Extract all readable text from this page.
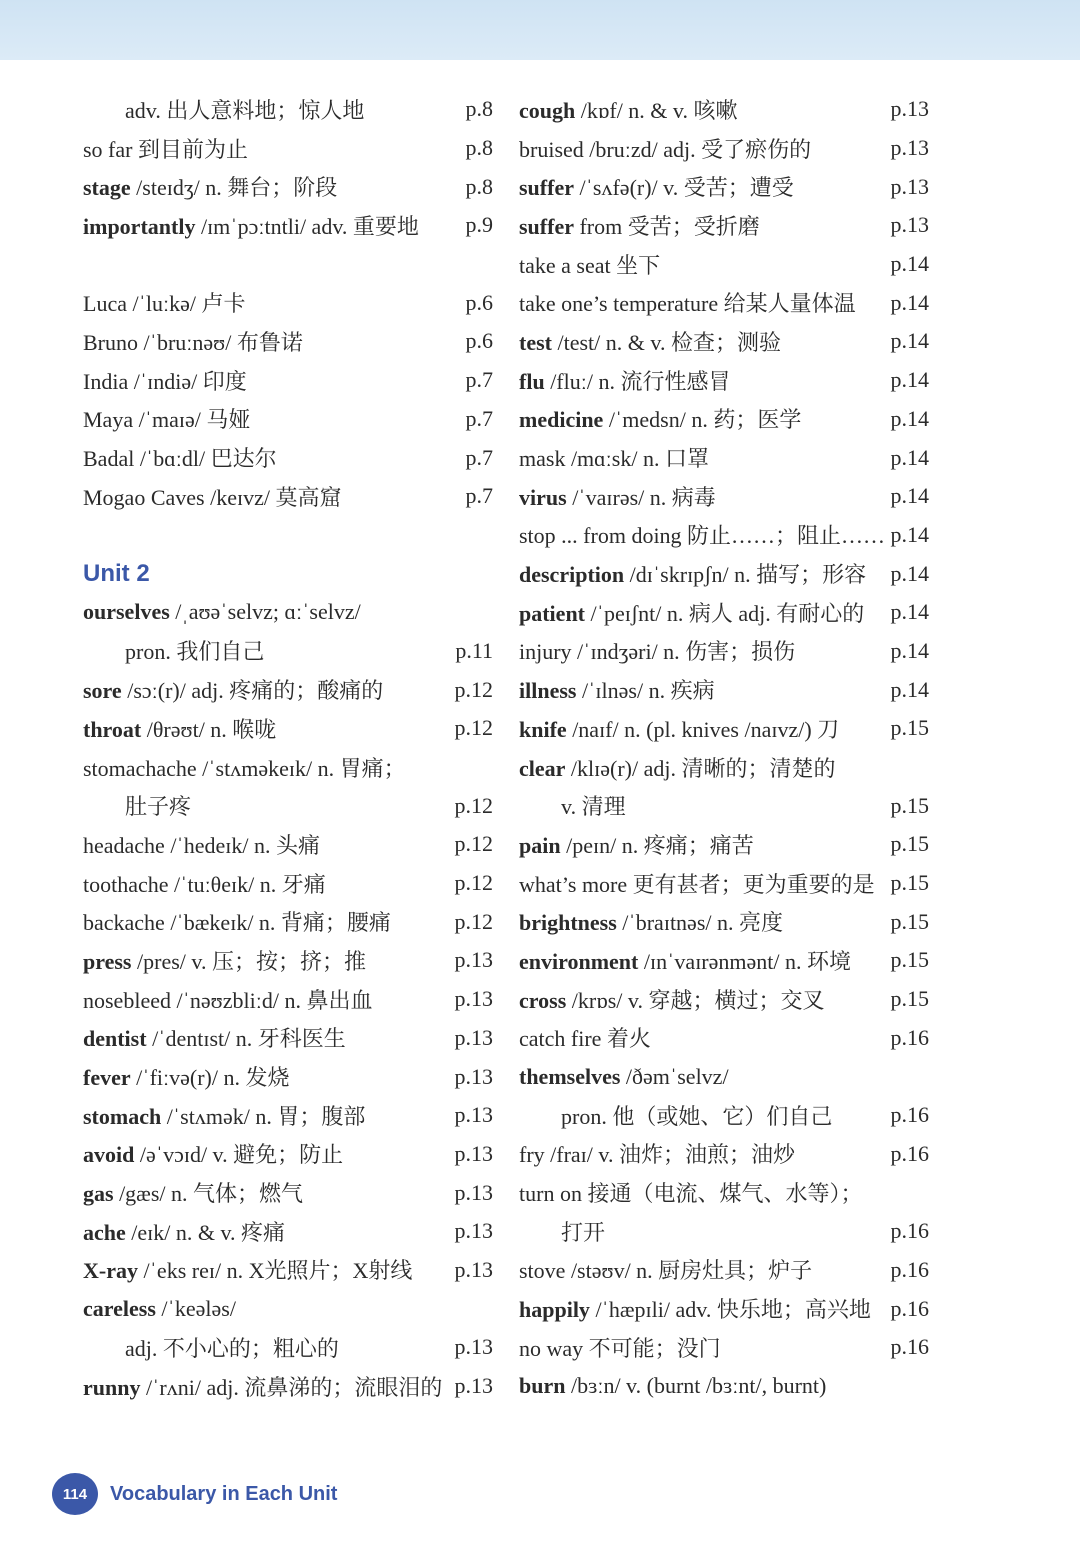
adv. 出人意料地；惊人地	p.8
so far 到目前为止	p.8
stage /steɪdʒ/ n. 舞台；阶段	p.8
importantly /ɪmˈpɔːtntli/ adv. 重要地 p.9
Luca /ˈluːkə/ 卢卡	p.6
Bruno /ˈbruːnəʊ/ 布鲁诺	p.6
India /ˈɪndiə/ 印度	p.7
Maya /ˈmaɪə/ 马娅	p.7
Badal /ˈbɑːdl/ 巴达尔	p.7
Mogao Caves /keɪvz/ 莫高窟	p.7
Unit 2
ourselves /ˌaʊəˈselvz; ɑːˈselvz/
pron. 我们自己	p.11
sore /sɔː(r)/ adj. 疼痛的；酸痛的	p.12
throat /θrəʊt/ n. 喉咙	p.12
stomachache /ˈstʌməkeɪk/ n. 胃痛；
肚子疼	p.12
headache /ˈhedeɪk/ n. 头痛	p.12
toothache /ˈtuːθeɪk/ n. 牙痛	p.12
backache /ˈbækeɪk/ n. 背痛；腰痛	p.12
press /pres/ v. 压；按；挤；推	p.13
nosebleed /ˈnəʊzbliːd/ n. 鼻出血	p.13
dentist /ˈdentɪst/ n. 牙科医生	p.13
fever /ˈfiːvə(r)/ n. 发烧	p.13
stomach /ˈstʌmək/ n. 胃；腹部	p.13
avoid /əˈvɔɪd/ v. 避免；防止	p.13
gas /gæs/ n. 气体；燃气	p.13
ache /eɪk/ n. & v. 疼痛	p.13
X-ray /ˈeks reɪ/ n. X光照片；X射线 p.13
careless /ˈkeələs/
adj. 不小心的；粗心的	p.13
runny /ˈrʌni/ adj. 流鼻涕的；流眼泪的 p.13
cough /kɒf/ n. & v. 咳嗽	p.13
bruised /bruːzd/ adj. 受了瘀伤的	p.13
suffer /ˈsʌfə(r)/ v. 受苦；遭受	p.13
suffer from 受苦；受折磨	p.13
take a seat 坐下	p.14
take one’s temperature 给某人量体温 p.14
test /test/ n. & v. 检查；测验	p.14
flu /fluː/ n. 流行性感冒	p.14
medicine /ˈmedsn/ n. 药；医学	p.14
mask /mɑːsk/ n. 口罩	p.14
virus /ˈvaɪrəs/ n. 病毒	p.14
stop ... from doing 防止……；阻止…… p.14
description /dɪˈskrɪpʃn/ n. 描写；形容 p.14
patient /ˈpeɪʃnt/ n. 病人 adj. 有耐心的 p.14
injury /ˈɪndʒəri/ n. 伤害；损伤	p.14
illness /ˈɪlnəs/ n. 疾病	p.14
knife /naɪf/ n. (pl. knives /naɪvz/) 刀 p.15
clear /klɪə(r)/ adj. 清晰的；清楚的
v. 清理	p.15
pain /peɪn/ n. 疼痛；痛苦	p.15
what’s more 更有甚者；更为重要的是 p.15
brightness /ˈbraɪtnəs/ n. 亮度	p.15
environment /ɪnˈvaɪrənmənt/ n. 环境 p.15
cross /krɒs/ v. 穿越；横过；交叉	p.15
catch fire 着火	p.16
themselves /ðəmˈselvz/
pron. 他（或她、它）们自己	p.16
fry /fraɪ/ v. 油炸；油煎；油炒	p.16
turn on 接通（电流、煤气、水等）；
打开	p.16
stove /stəʊv/ n. 厨房灶具；炉子	p.16
happily /ˈhæpɪli/ adv. 快乐地；高兴地 p.16
no way 不可能；没门	p.16
burn /bɜːn/ v. (burnt /bɜːnt/, burnt)
114	Vocabulary in Each Unit
